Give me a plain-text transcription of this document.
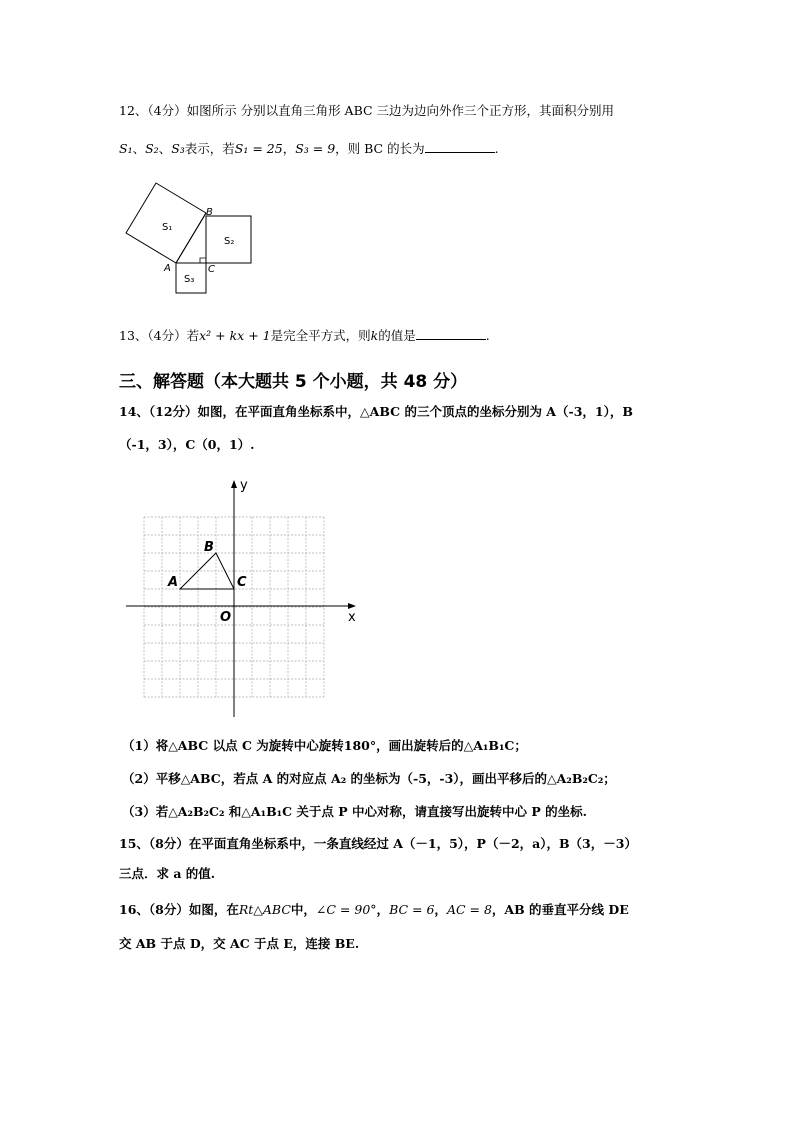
12、（4分）如图所示 分别以直角三角形 ABC 三边为边向外作三个正方形，其面积分别用
S₁、S₂、S₃表示，若S₁ = 25，S₃ = 9，则 BC 的长为	.
S₁
S₂
S₃
A
B
C
13、（4分）若x² + kx + 1是完全平方式，则k的值是	.
三、解答题（本大题共 5 个小题，共 48 分）
14、（12分）如图，在平面直角坐标系中，△ABC 的三个顶点的坐标分别为 A（-3，1），B
（-1，3），C（0，1）.
x
y
O
A
B
C
（1）将△ABC 以点 C 为旋转中心旋转180°，画出旋转后的△A₁B₁C；
（2）平移△ABC，若点 A 的对应点 A₂ 的坐标为（-5，-3），画出平移后的△A₂B₂C₂；
（3）若△A₂B₂C₂ 和△A₁B₁C 关于点 P 中心对称，请直接写出旋转中心 P 的坐标.
15、（8分）在平面直角坐标系中，一条直线经过 A（－1，5），P（－2，a），B（3，－3）
三点．求 a 的值.
16、（8分）如图，在Rt△ABC中，∠C = 90°，BC = 6，AC = 8，AB 的垂直平分线 DE
交 AB 于点 D，交 AC 于点 E，连接 BE.
